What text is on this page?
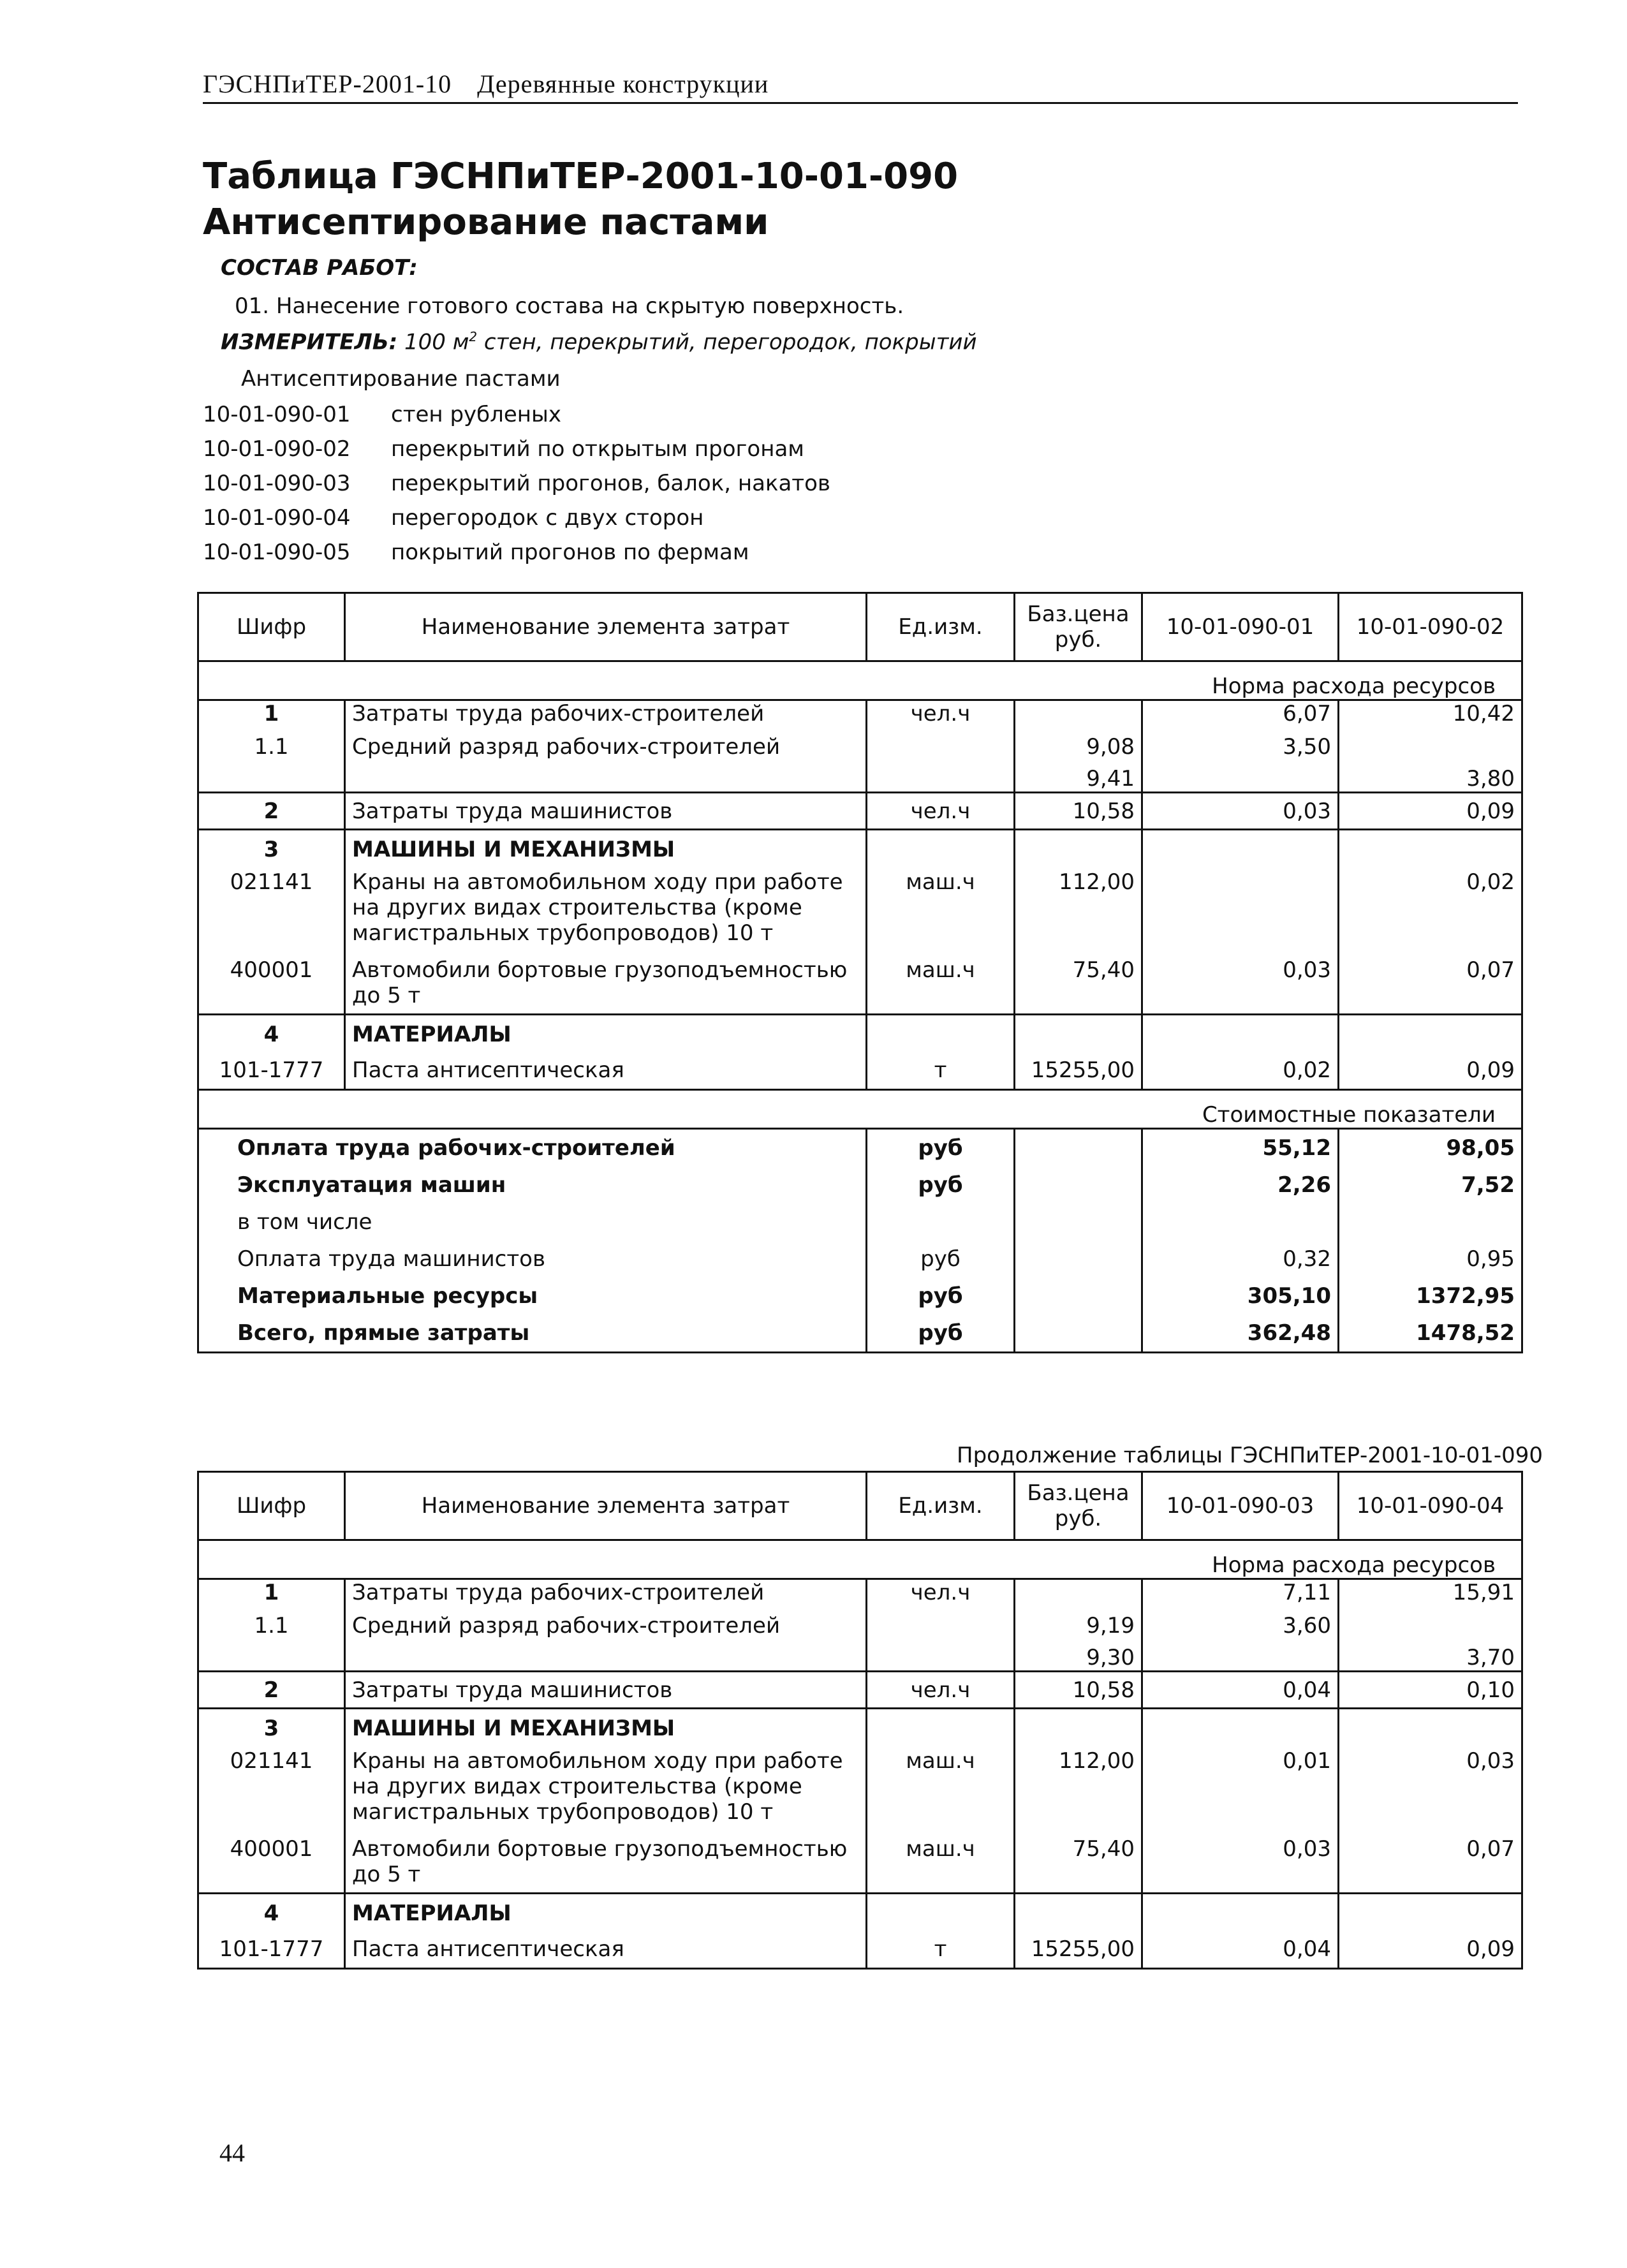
ГЭСНПиТЕР-2001-10 Деревянные конструкции
Таблица ГЭСНПиТЕР-2001-10-01-090
Антисептирование пастами
СОСТАВ РАБОТ:
01. Нанесение готового состава на скрытую поверхность.
ИЗМЕРИТЕЛЬ: 100 $м^2$ стен, перекрытий, перегородок, покрытий
Антисептирование пастами
10-01-090-01	стен рубленых
10-01-090-02	перекрытий по открытым прогонам
10-01-090-03	перекрытий прогонов, балок, накатов
10-01-090-04	перегородок с двух сторон
10-01-090-05	покрытий прогонов по фермам
Шифр	Наименование элемента затрат	Ед.изм.	Баз.цена руб.	10-01-090-01	10-01-090-02
Норма расхода ресурсов					
1	Затраты труда рабочих-строителей	чел.ч		6,07	10,42
1.1	Средний разряд рабочих-строителей		9,08	3,50	
			9,41		3,80
2	Затраты труда машинистов	чел.ч	10,58	0,03	0,09
3	МАШИНЫ И МЕХАНИЗМЫ				
021141	Краны на автомобильном ходу при работе на других видах строительства (кроме магистральных трубопроводов) 10 т	маш.ч	112,00		0,02
400001	Автомобили бортовые грузоподъемностью до 5 т	маш.ч	75,40	0,03	0,07
4	МАТЕРИАЛЫ				
101-1777	Паста антисептическая	т	15255,00	0,02	0,09
Стоимостные показатели					
Оплата труда рабочих-строителей		руб		55,12	98,05
Эксплуатация машин		руб		2,26	7,52
в том числе					
Оплата труда машинистов		руб		0,32	0,95
Материальные ресурсы		руб		305,10	1372,95
Всего, прямые затраты		руб		362,48	1478,52
Продолжение таблицы ГЭСНПиТЕР-2001-10-01-090
Шифр	Наименование элемента затрат	Ед.изм.	Баз.цена руб.	10-01-090-03	10-01-090-04
Норма расхода ресурсов					
1	Затраты труда рабочих-строителей	чел.ч		7,11	15,91
1.1	Средний разряд рабочих-строителей		9,19	3,60	
			9,30		3,70
2	Затраты труда машинистов	чел.ч	10,58	0,04	0,10
3	МАШИНЫ И МЕХАНИЗМЫ				
021141	Краны на автомобильном ходу при работе на других видах строительства (кроме магистральных трубопроводов) 10 т	маш.ч	112,00	0,01	0,03
400001	Автомобили бортовые грузоподъемностью до 5 т	маш.ч	75,40	0,03	0,07
4	МАТЕРИАЛЫ				
101-1777	Паста антисептическая	т	15255,00	0,04	0,09
44
